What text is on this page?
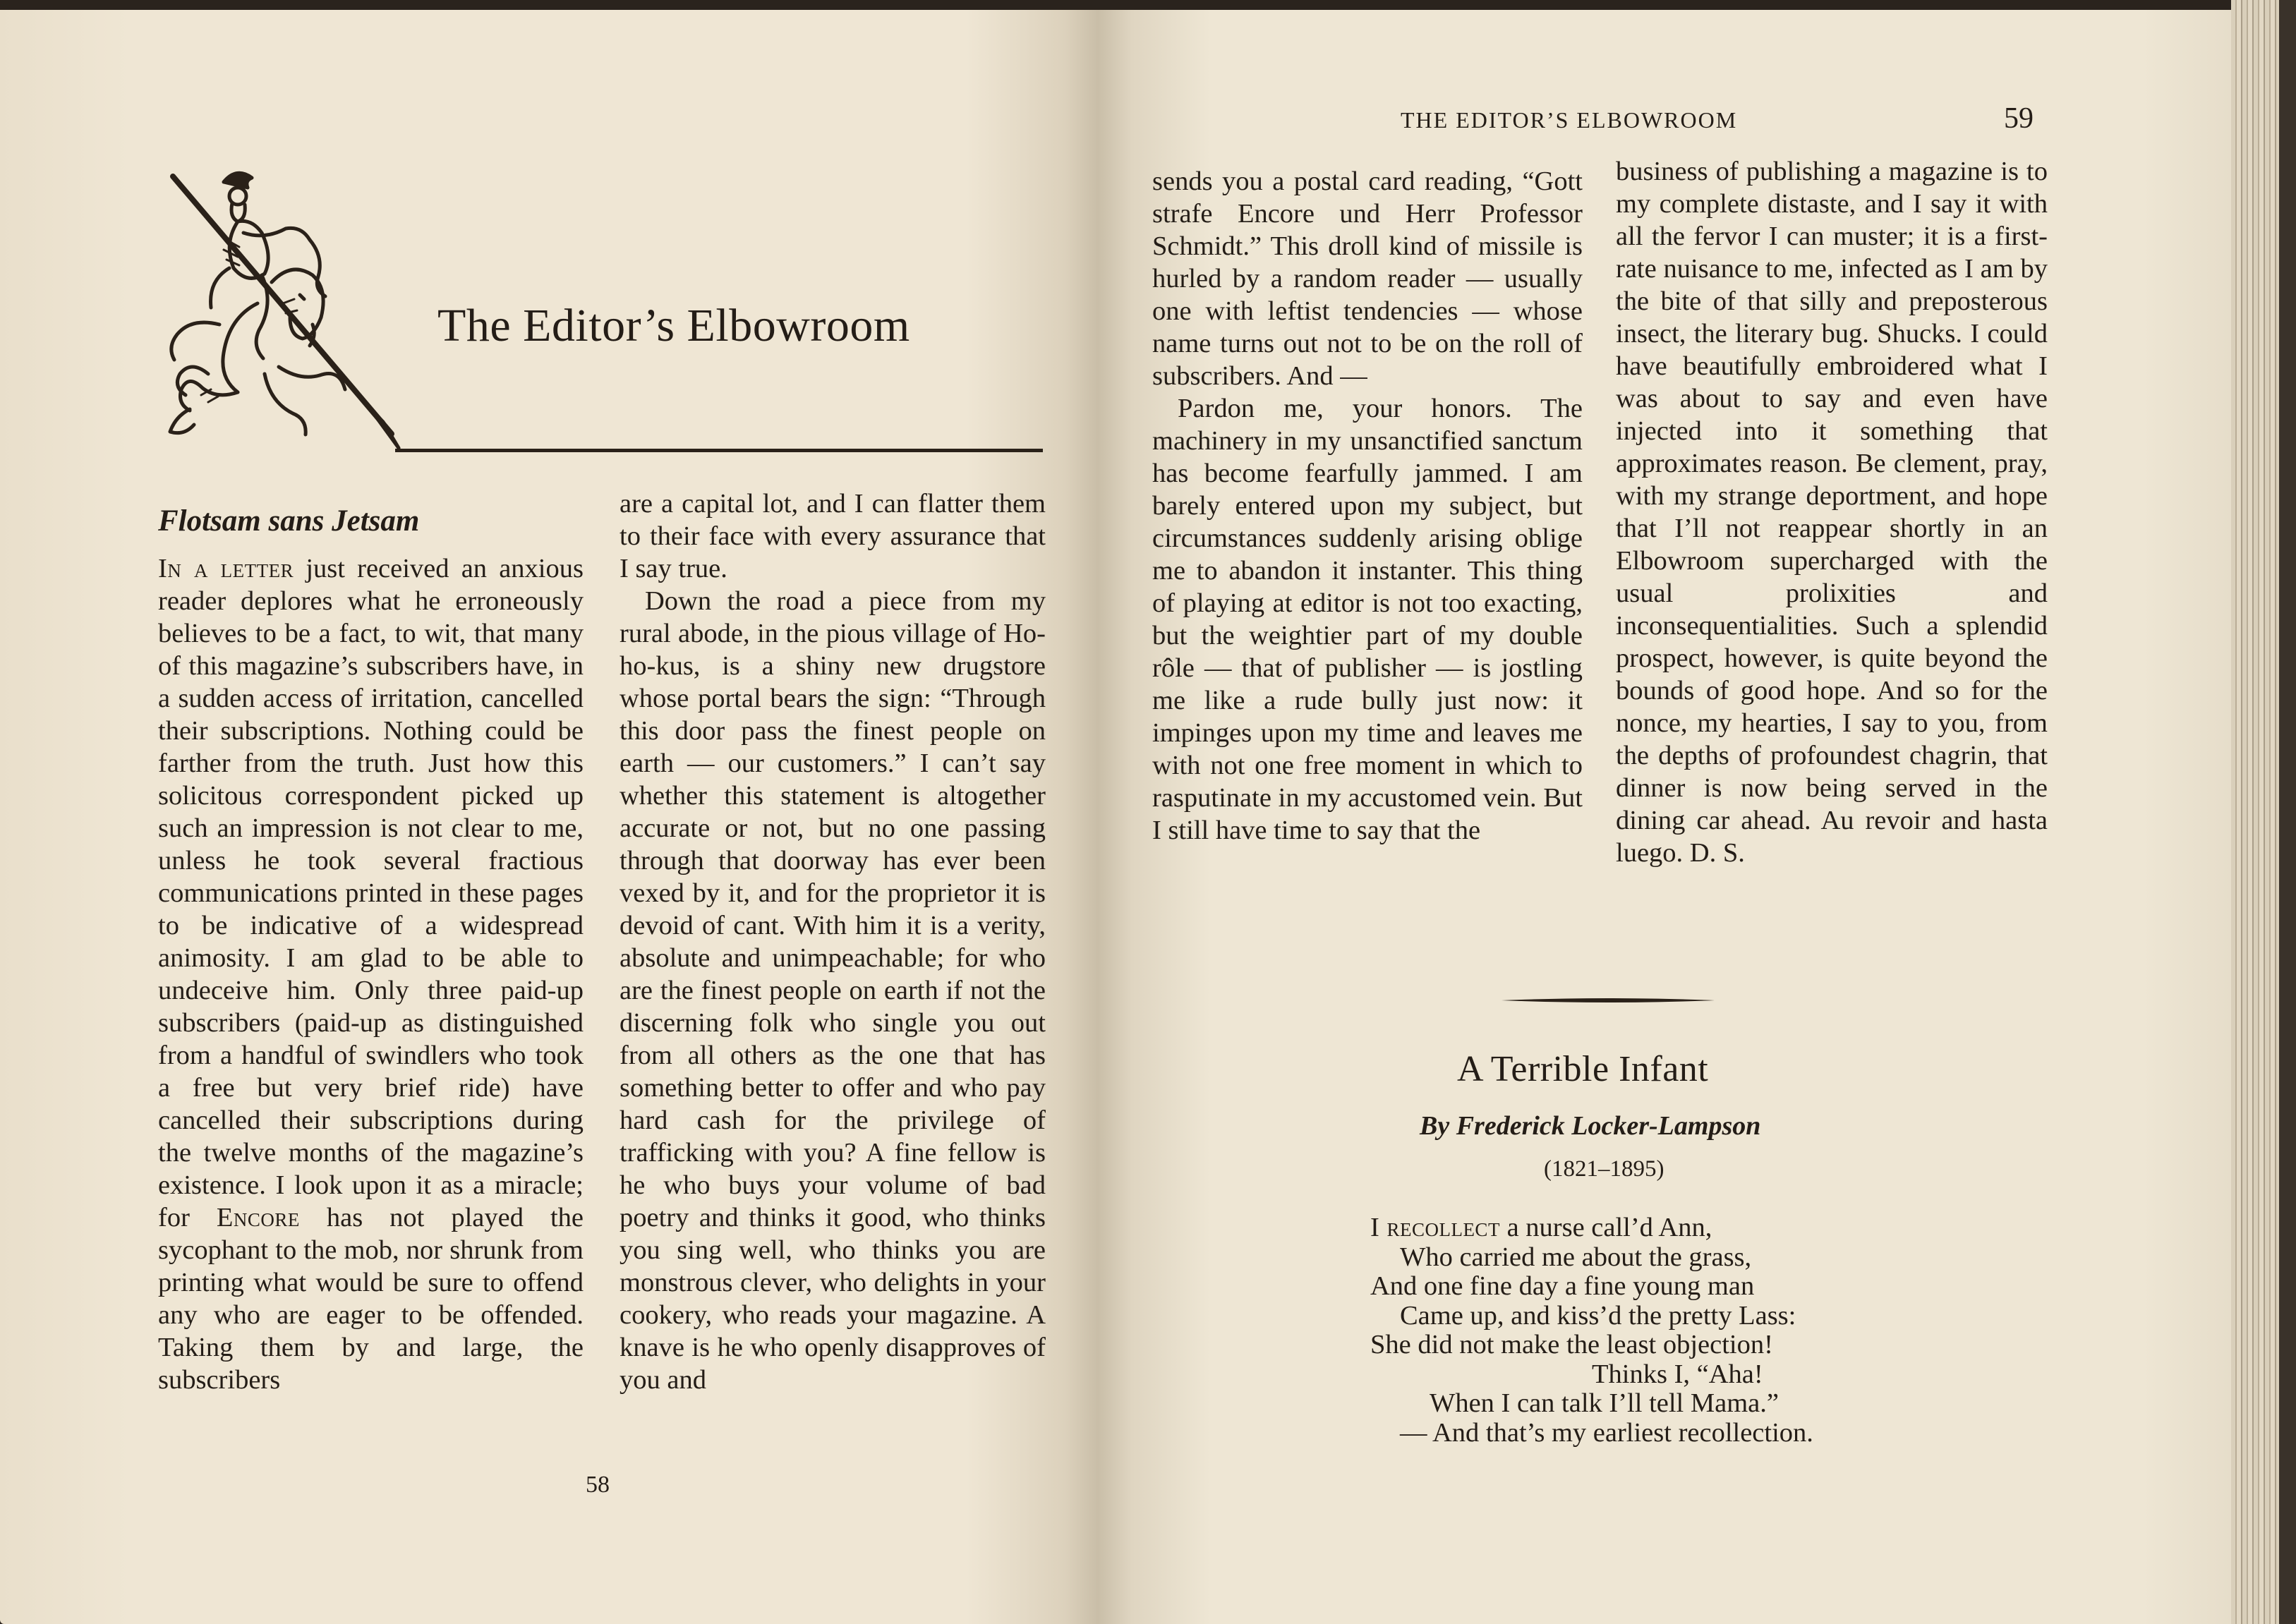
The Editor’s Elbowroom
Flotsam sans Jetsam

In a letter just received an anxious reader deplores what he erroneously believes to be a fact, to wit, that many of this magazine’s subscribers have, in a sudden access of irritation, cancelled their subscriptions. Nothing could be farther from the truth. Just how this solicitous correspondent picked up such an impression is not clear to me, unless he took several fractious communications printed in these pages to be indicative of a widespread animosity. I am glad to be able to undeceive him. Only three paid-up subscribers (paid-up as distinguished from a handful of swindlers who took a free but very brief ride) have cancelled their subscriptions during the twelve months of the magazine’s existence. I look upon it as a miracle; for Encore has not played the sycophant to the mob, nor shrunk from printing what would be sure to offend any who are eager to be offended. Taking them by and large, the subscribers

are a capital lot, and I can flatter them to their face with every assurance that I say true.

Down the road a piece from my rural abode, in the pious village of Ho-ho-kus, is a shiny new drugstore whose portal bears the sign: “Through this door pass the finest people on earth — our customers.” I can’t say whether this statement is altogether accurate or not, but no one passing through that doorway has ever been vexed by it, and for the proprietor it is devoid of cant. With him it is a verity, absolute and unimpeachable; for who are the finest people on earth if not the discerning folk who single you out from all others as the one that has something better to offer and who pay hard cash for the privilege of trafficking with you? A fine fellow is he who buys your volume of bad poetry and thinks it good, who thinks you sing well, who thinks you are monstrous clever, who delights in your cookery, who reads your magazine. A knave is he who openly disapproves of you and

58
THE EDITOR’S ELBOWROOM	59

sends you a postal card reading, “Gott strafe Encore und Herr Professor Schmidt.” This droll kind of missile is hurled by a random reader — usually one with leftist tendencies — whose name turns out not to be on the roll of subscribers. And —

Pardon me, your honors. The machinery in my unsanctified sanctum has become fearfully jammed. I am barely entered upon my subject, but circumstances suddenly arising oblige me to abandon it instanter. This thing of playing at editor is not too exacting, but the weightier part of my double rôle — that of publisher — is jostling me like a rude bully just now: it impinges upon my time and leaves me with not one free moment in which to rasputinate in my accustomed vein. But I still have time to say that the

business of publishing a magazine is to my complete distaste, and I say it with all the fervor I can muster; it is a first-rate nuisance to me, infected as I am by the bite of that silly and preposterous insect, the literary bug. Shucks. I could have beautifully embroidered what I was about to say and even have injected into it something that approximates reason. Be clement, pray, with my strange deportment, and hope that I’ll not reappear shortly in an Elbowroom supercharged with the usual prolixities and inconsequentialities. Such a splendid prospect, however, is quite beyond the bounds of good hope. And so for the nonce, my hearties, I say to you, from the depths of profoundest chagrin, that dinner is now being served in the dining car ahead. Au revoir and hasta luego. D. S.

A Terrible Infant
By Frederick Locker-Lampson
(1821–1895)
I recollect a nurse call’d Ann,
Who carried me about the grass,
And one fine day a fine young man
Came up, and kiss’d the pretty Lass:
She did not make the least objection!
Thinks I, “Aha!
When I can talk I’ll tell Mama.”
— And that’s my earliest recollection.
